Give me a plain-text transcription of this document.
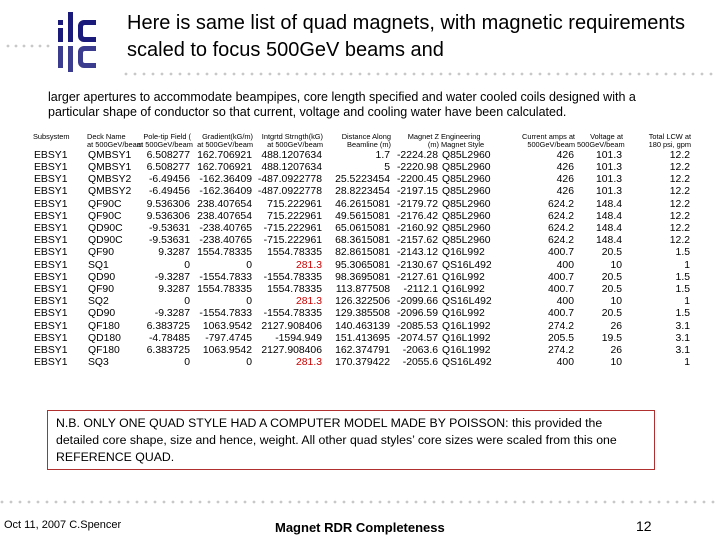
Here is same list of quad magnets, with magnetic requirements scaled to focus 500GeV beams and
larger apertures to accommodate beampipes, core length specified and water cooled coils designed with a particular shape of conductor so that current, voltage and cooling water have been calculated.
Subsystem	Deck Name	Pole-tip Field (	Gradient(kG/m)	Intgrtd Strngth(kG)	Distance Along	Magnet Z	Engineering	Current amps at	Voltage at	Total LCW at
	at 500GeV/beam	at 500GeV/beam	at 500GeV/beam	at 500GeV/beam	Beamline (m)	(m)	Magnet Style	500GeV/beam	500GeV/beam	180 psi, gpm
EBSY1	QMBSY1	6.508277	162.706921	488.1207634	1.7	-2224.28	Q85L2960	426	101.3	12.2
EBSY1	QMBSY1	6.508277	162.706921	488.1207634	5	-2220.98	Q85L2960	426	101.3	12.2
EBSY1	QMBSY2	-6.49456	-162.36409	-487.0922778	25.5223454	-2200.45	Q85L2960	426	101.3	12.2
EBSY1	QMBSY2	-6.49456	-162.36409	-487.0922778	28.8223454	-2197.15	Q85L2960	426	101.3	12.2
EBSY1	QF90C	9.536306	238.407654	715.222961	46.2615081	-2179.72	Q85L2960	624.2	148.4	12.2
EBSY1	QF90C	9.536306	238.407654	715.222961	49.5615081	-2176.42	Q85L2960	624.2	148.4	12.2
EBSY1	QD90C	-9.53631	-238.40765	-715.222961	65.0615081	-2160.92	Q85L2960	624.2	148.4	12.2
EBSY1	QD90C	-9.53631	-238.40765	-715.222961	68.3615081	-2157.62	Q85L2960	624.2	148.4	12.2
EBSY1	QF90	9.3287	1554.78335	1554.78335	82.8615081	-2143.12	Q16L992	400.7	20.5	1.5
EBSY1	SQ1	0	0	281.3	95.3065081	-2130.67	QS16L492	400	10	1
EBSY1	QD90	-9.3287	-1554.7833	-1554.78335	98.3695081	-2127.61	Q16L992	400.7	20.5	1.5
EBSY1	QF90	9.3287	1554.78335	1554.78335	113.877508	-2112.1	Q16L992	400.7	20.5	1.5
EBSY1	SQ2	0	0	281.3	126.322506	-2099.66	QS16L492	400	10	1
EBSY1	QD90	-9.3287	-1554.7833	-1554.78335	129.385508	-2096.59	Q16L992	400.7	20.5	1.5
EBSY1	QF180	6.383725	1063.9542	2127.908406	140.463139	-2085.53	Q16L1992	274.2	26	3.1
EBSY1	QD180	-4.78485	-797.4745	-1594.949	151.413695	-2074.57	Q16L1992	205.5	19.5	3.1
EBSY1	QF180	6.383725	1063.9542	2127.908406	162.374791	-2063.6	Q16L1992	274.2	26	3.1
EBSY1	SQ3	0	0	281.3	170.379422	-2055.6	QS16L492	400	10	1
N.B. ONLY ONE QUAD STYLE HAD A COMPUTER MODEL MADE BY POISSON: this provided the detailed core shape, size and hence, weight. All other quad styles’ core sizes were scaled from this one REFERENCE QUAD.
Oct 11, 2007 C.Spencer	Magnet RDR Completeness	12
